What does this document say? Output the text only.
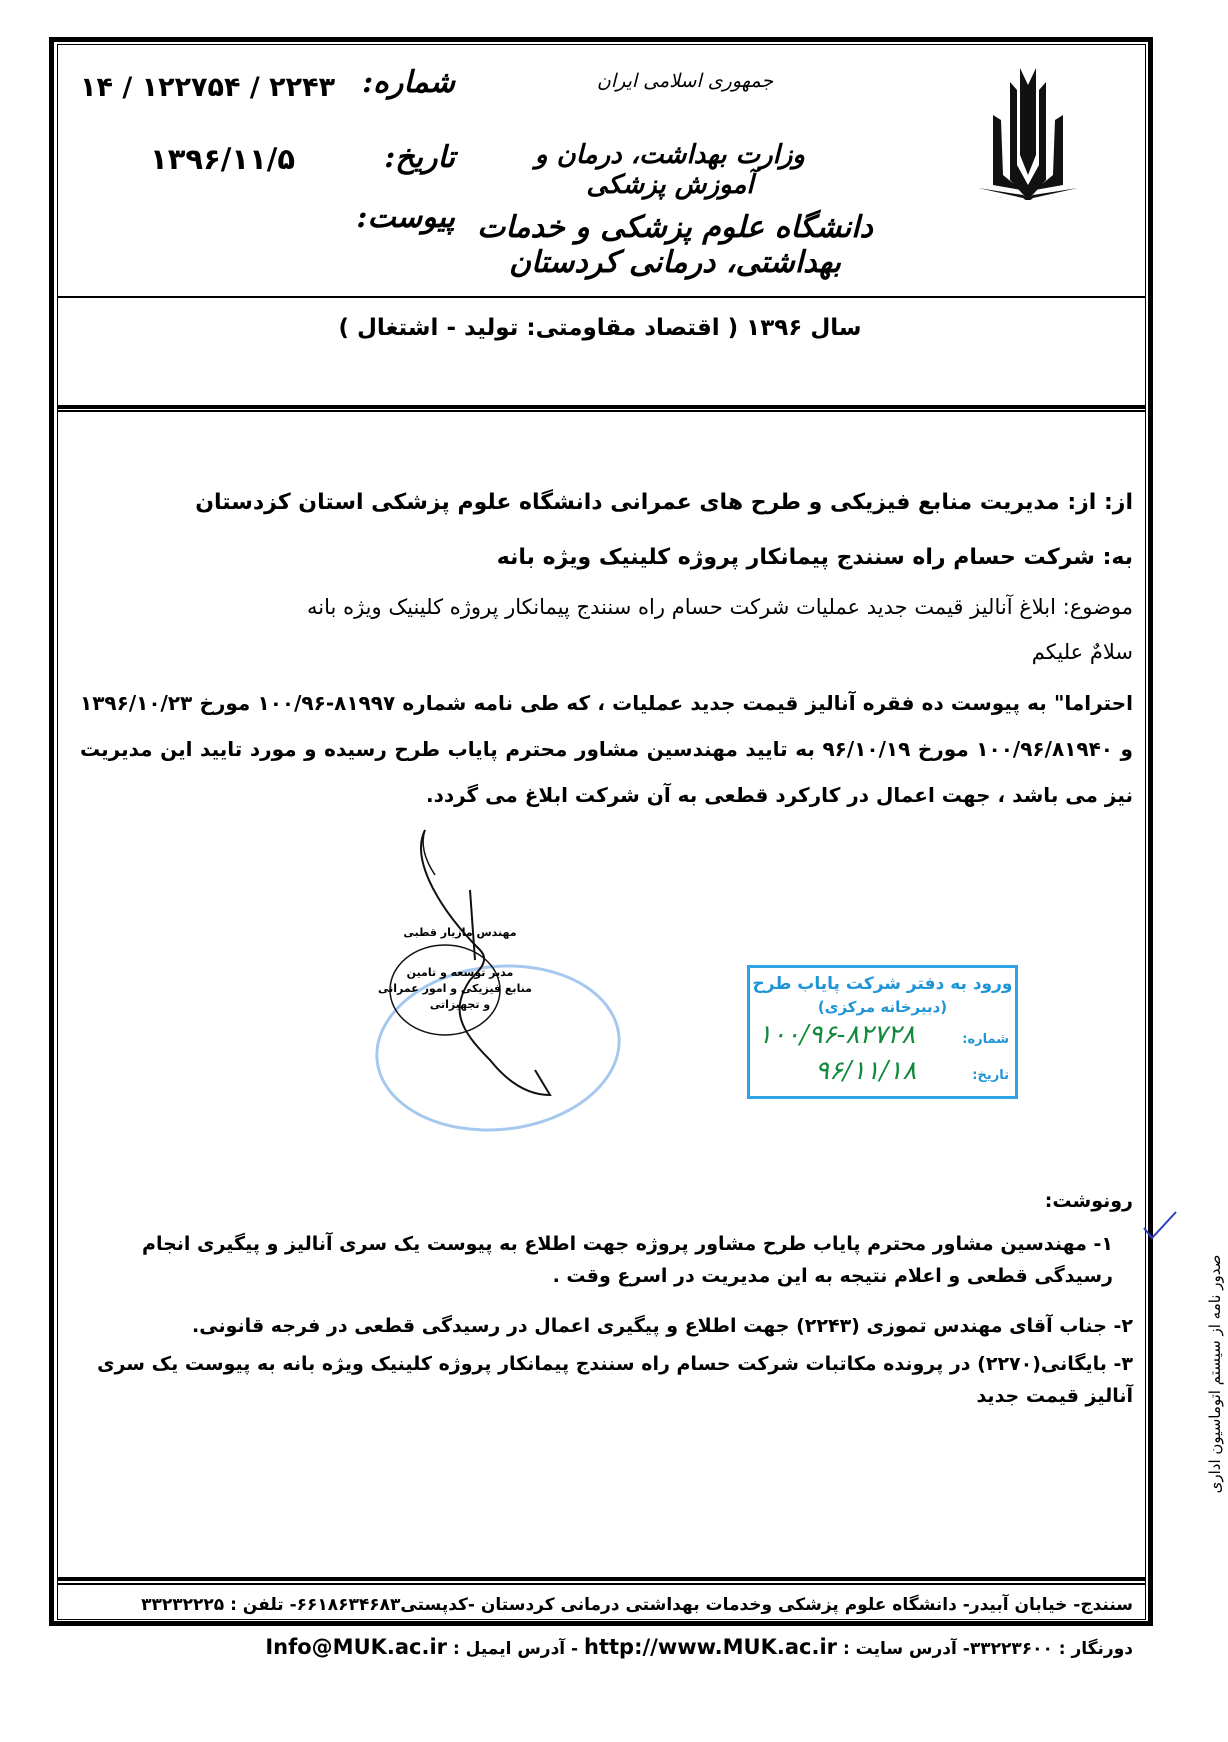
جمهوری اسلامی ایران
وزارت بهداشت، درمان و آموزش پزشکی
دانشگاه علوم پزشکی و خدمات بهداشتی، درمانی کردستان
شماره:
۱۴ / ۱۲۲۷۵۴ / ۲۲۴۳
تاریخ:
۱۳۹۶/۱۱/۵
پیوست:
سال ۱۳۹۶ ( اقتصاد مقاومتی: تولید - اشتغال )
از: از: مدیریت منابع فیزیکی و طرح های عمرانی دانشگاه علوم پزشکی استان کزدستان
به: شرکت حسام راه سنندج پیمانکار پروژه کلینیک ویژه بانه
موضوع: ابلاغ آنالیز قیمت جدید عملیات شرکت حسام راه سنندج پیمانکار پروژه کلینیک ویژه بانه
سلامٌ علیکم
احتراما" به پیوست ده فقره آنالیز قیمت جدید عملیات ، که طی نامه شماره ۸۱۹۹۷-۱۰۰/۹۶ مورخ ۱۳۹۶/۱۰/۲۳ و ۱۰۰/۹۶/۸۱۹۴۰ مورخ ۹۶/۱۰/۱۹ به تایید مهندسین مشاور محترم پایاب طرح رسیده و مورد تایید این مدیریت نیز می باشد ، جهت اعمال در کارکرد قطعی به آن شرکت ابلاغ می گردد.
مهندس مازیار قطبی
مدیر توسعه و تامین
منابع فیزیکی و امور عمرانی
و تجهیزاتی
ورود به دفتر شرکت پایاب طرح
(دبیرخانه مرکزی)
شماره:
۱۰۰/۹۶-۸۲۷۲۸
تاریخ:
۹۶/۱۱/۱۸
رونوشت:
۱- مهندسین مشاور محترم پایاب طرح مشاور پروژه جهت اطلاع به پیوست یک سری آنالیز و پیگیری انجام رسیدگی قطعی و اعلام نتیجه به این مدیریت در اسرع وقت .
۲- جناب آقای مهندس تموزی (۲۲۴۳) جهت اطلاع و پیگیری اعمال در رسیدگی قطعی در فرجه قانونی.
۳- بایگانی(۲۲۷۰) در پرونده مکاتبات شرکت حسام راه سنندج پیمانکار پروژه کلینیک ویژه بانه به پیوست یک سری آنالیز قیمت جدید	صدور نامه از سیستم اتوماسیون اداری
سنندج- خیابان آبیدر- دانشگاه علوم پزشکی وخدمات بهداشتی درمانی کردستان -کدپستی۶۶۱۸۶۳۴۶۸۳- تلفن : ۳۳۲۳۲۲۲۵
دورنگار : ۳۳۲۲۳۶۰۰- آدرس سایت : http://www.MUK.ac.ir - آدرس ایمیل : Info@MUK.ac.ir
